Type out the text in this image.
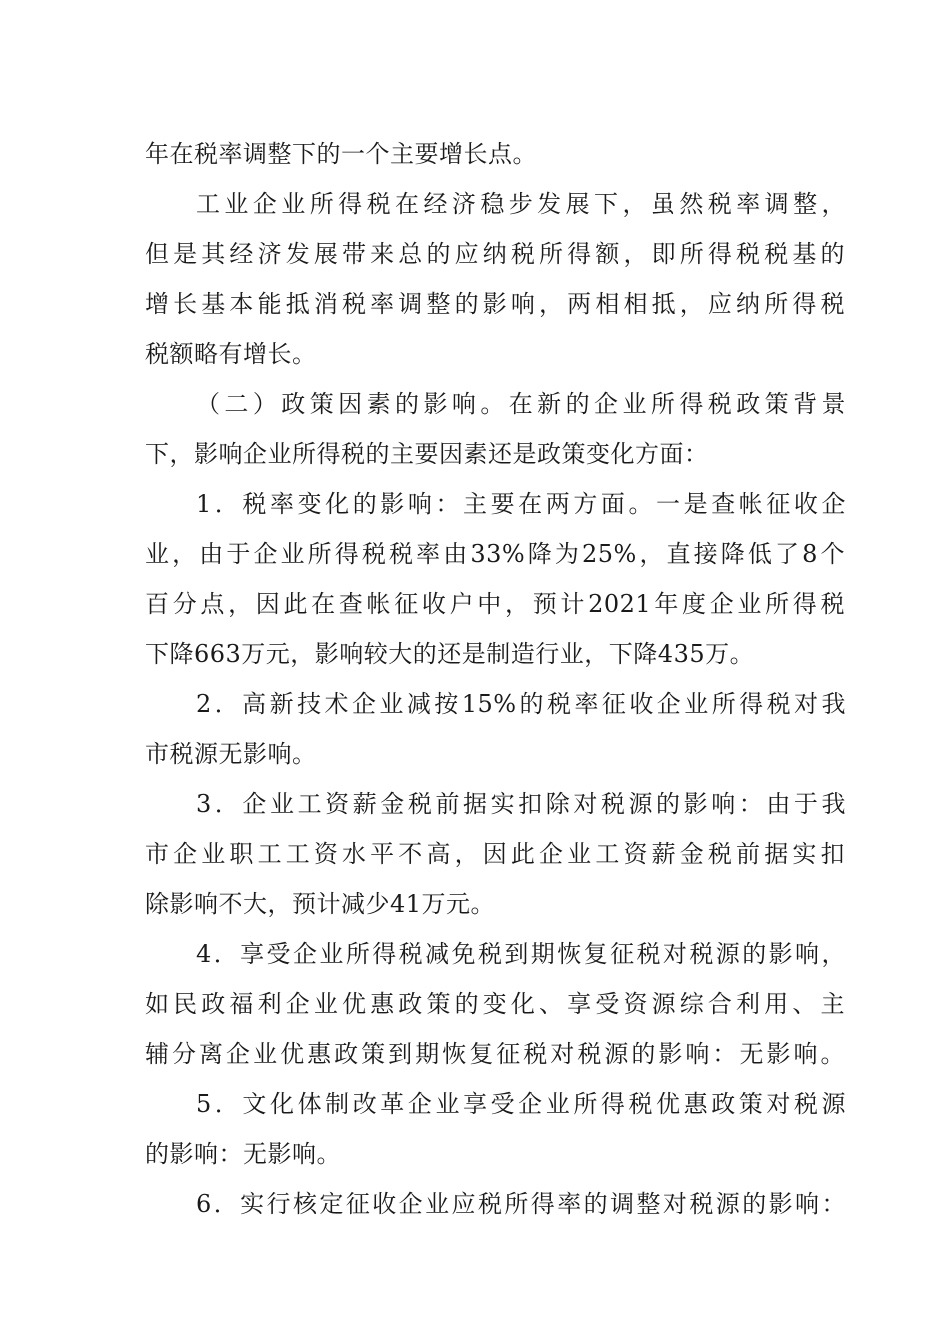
年在税率调整下的一个主要增长点。
工业企业所得税在经济稳步发展下，虽然税率调整，
但是其经济发展带来总的应纳税所得额，即所得税税基的
增长基本能抵消税率调整的影响，两相相抵，应纳所得税
税额略有增长。
（二）政策因素的影响。在新的企业所得税政策背景
下，影响企业所得税的主要因素还是政策变化方面：
1．税率变化的影响：主要在两方面。一是查帐征收企
业，由于企业所得税税率由33%降为25%，直接降低了8个
百分点，因此在查帐征收户中，预计2021年度企业所得税
下降663万元，影响较大的还是制造行业，下降435万。
2．高新技术企业减按15%的税率征收企业所得税对我
市税源无影响。
3．企业工资薪金税前据实扣除对税源的影响：由于我
市企业职工工资水平不高，因此企业工资薪金税前据实扣
除影响不大，预计减少41万元。
4．享受企业所得税减免税到期恢复征税对税源的影响，
如民政福利企业优惠政策的变化、享受资源综合利用、主
辅分离企业优惠政策到期恢复征税对税源的影响：无影响。
5．文化体制改革企业享受企业所得税优惠政策对税源
的影响：无影响。
6．实行核定征收企业应税所得率的调整对税源的影响：
